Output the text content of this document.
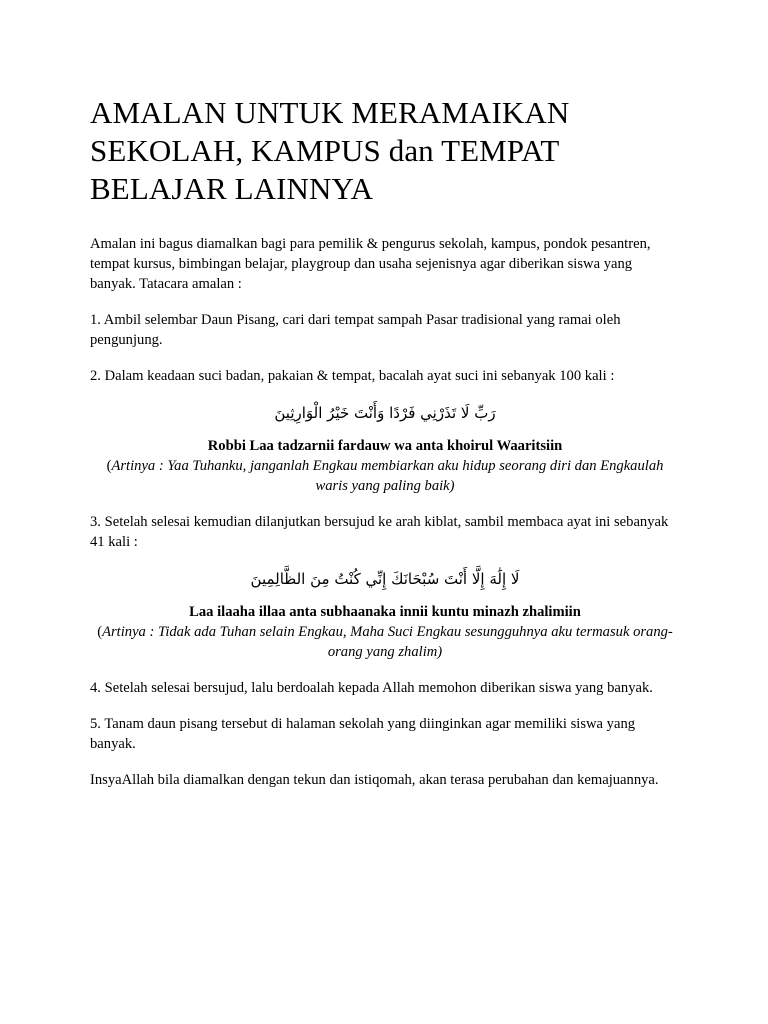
AMALAN UNTUK MERAMAIKAN
SEKOLAH, KAMPUS dan TEMPAT
BELAJAR LAINNYA

Amalan ini bagus diamalkan bagi para pemilik & pengurus sekolah, kampus, pondok pesantren, tempat kursus, bimbingan belajar, playgroup dan usaha sejenisnya agar diberikan siswa yang banyak. Tatacara amalan :

1. Ambil selembar Daun Pisang, cari dari tempat sampah Pasar tradisional yang ramai oleh pengunjung.

2. Dalam keadaan suci badan, pakaian & tempat, bacalah ayat suci ini sebanyak 100 kali :

رَبِّ لَا تَذَرْنِي فَرْدًا وَأَنْتَ خَيْرُ الْوَارِثِينَ

Robbi Laa tadzarnii fardauw wa anta khoirul Waaritsiin

(Artinya : Yaa Tuhanku, janganlah Engkau membiarkan aku hidup seorang diri dan Engkaulah waris yang paling baik)

3. Setelah selesai kemudian dilanjutkan bersujud ke arah kiblat, sambil membaca ayat ini sebanyak 41 kali :

لَا إِلَٰهَ إِلَّا أَنْتَ سُبْحَانَكَ إِنِّي كُنْتُ مِنَ الظَّالِمِينَ

Laa ilaaha illaa anta subhaanaka innii kuntu minazh zhalimiin

(Artinya : Tidak ada Tuhan selain Engkau, Maha Suci Engkau sesungguhnya aku termasuk orang-orang yang zhalim)

4. Setelah selesai bersujud, lalu berdoalah kepada Allah memohon diberikan siswa yang banyak.

5. Tanam daun pisang tersebut di halaman sekolah yang diinginkan agar memiliki siswa yang banyak.

InsyaAllah bila diamalkan dengan tekun dan istiqomah, akan terasa perubahan dan kemajuannya.
